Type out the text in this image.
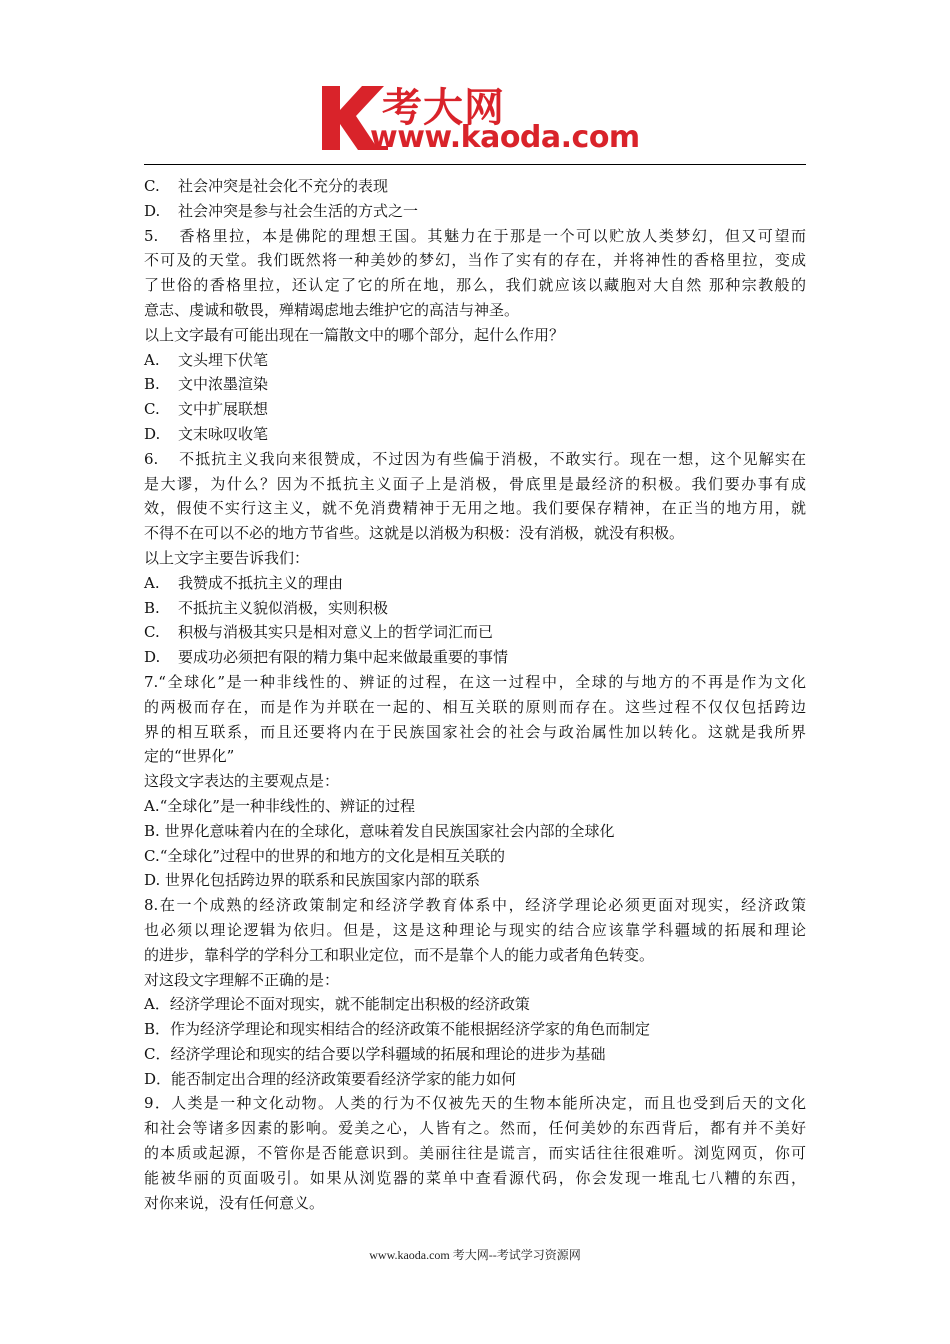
考大网
www.kaoda.com
C. 社会冲突是社会化不充分的表现
D. 社会冲突是参与社会生活的方式之一
5. 香格里拉，本是佛陀的理想王国。其魅力在于那是一个可以贮放人类梦幻，但又可望而
不可及的天堂。我们既然将一种美妙的梦幻，当作了实有的存在，并将神性的香格里拉，变成
了世俗的香格里拉，还认定了它的所在地，那么，我们就应该以藏胞对大自然 那种宗教般的
意志、虔诚和敬畏，殚精竭虑地去维护它的高洁与神圣。
以上文字最有可能出现在一篇散文中的哪个部分，起什么作用？
A. 文头埋下伏笔
B. 文中浓墨渲染
C. 文中扩展联想
D. 文末咏叹收笔
6. 不抵抗主义我向来很赞成，不过因为有些偏于消极，不敢实行。现在一想，这个见解实在
是大谬，为什么？因为不抵抗主义面子上是消极，骨底里是最经济的积极。我们要办事有成
效，假使不实行这主义，就不免消费精神于无用之地。我们要保存精神，在正当的地方用，就
不得不在可以不必的地方节省些。这就是以消极为积极：没有消极，就没有积极。
以上文字主要告诉我们：
A. 我赞成不抵抗主义的理由
B. 不抵抗主义貌似消极，实则积极
C. 积极与消极其实只是相对意义上的哲学词汇而已
D. 要成功必须把有限的精力集中起来做最重要的事情
7.“全球化”是一种非线性的、辨证的过程，在这一过程中，全球的与地方的不再是作为文化
的两极而存在，而是作为并联在一起的、相互关联的原则而存在。这些过程不仅仅包括跨边
界的相互联系，而且还要将内在于民族国家社会的社会与政治属性加以转化。这就是我所界
定的“世界化”
这段文字表达的主要观点是：
A.“全球化”是一种非线性的、辨证的过程
B. 世界化意味着内在的全球化，意味着发自民族国家社会内部的全球化
C.“全球化”过程中的世界的和地方的文化是相互关联的
D. 世界化包括跨边界的联系和民族国家内部的联系
8.在一个成熟的经济政策制定和经济学教育体系中，经济学理论必须更面对现实，经济政策
也必须以理论逻辑为依归。但是，这是这种理论与现实的结合应该靠学科疆域的拓展和理论
的进步，靠科学的学科分工和职业定位，而不是靠个人的能力或者角色转变。
对这段文字理解不正确的是：
A．经济学理论不面对现实，就不能制定出积极的经济政策
B．作为经济学理论和现实相结合的经济政策不能根据经济学家的角色而制定
C．经济学理论和现实的结合要以学科疆域的拓展和理论的进步为基础
D．能否制定出合理的经济政策要看经济学家的能力如何
9．人类是一种文化动物。人类的行为不仅被先天的生物本能所决定，而且也受到后天的文化
和社会等诸多因素的影响。爱美之心，人皆有之。然而，任何美妙的东西背后，都有并不美好
的本质或起源，不管你是否能意识到。美丽往往是谎言，而实话往往很难听。浏览网页，你可
能被华丽的页面吸引。如果从浏览器的菜单中查看源代码，你会发现一堆乱七八糟的东西，
对你来说，没有任何意义。
www.kaoda.com 考大网--考试学习资源网
